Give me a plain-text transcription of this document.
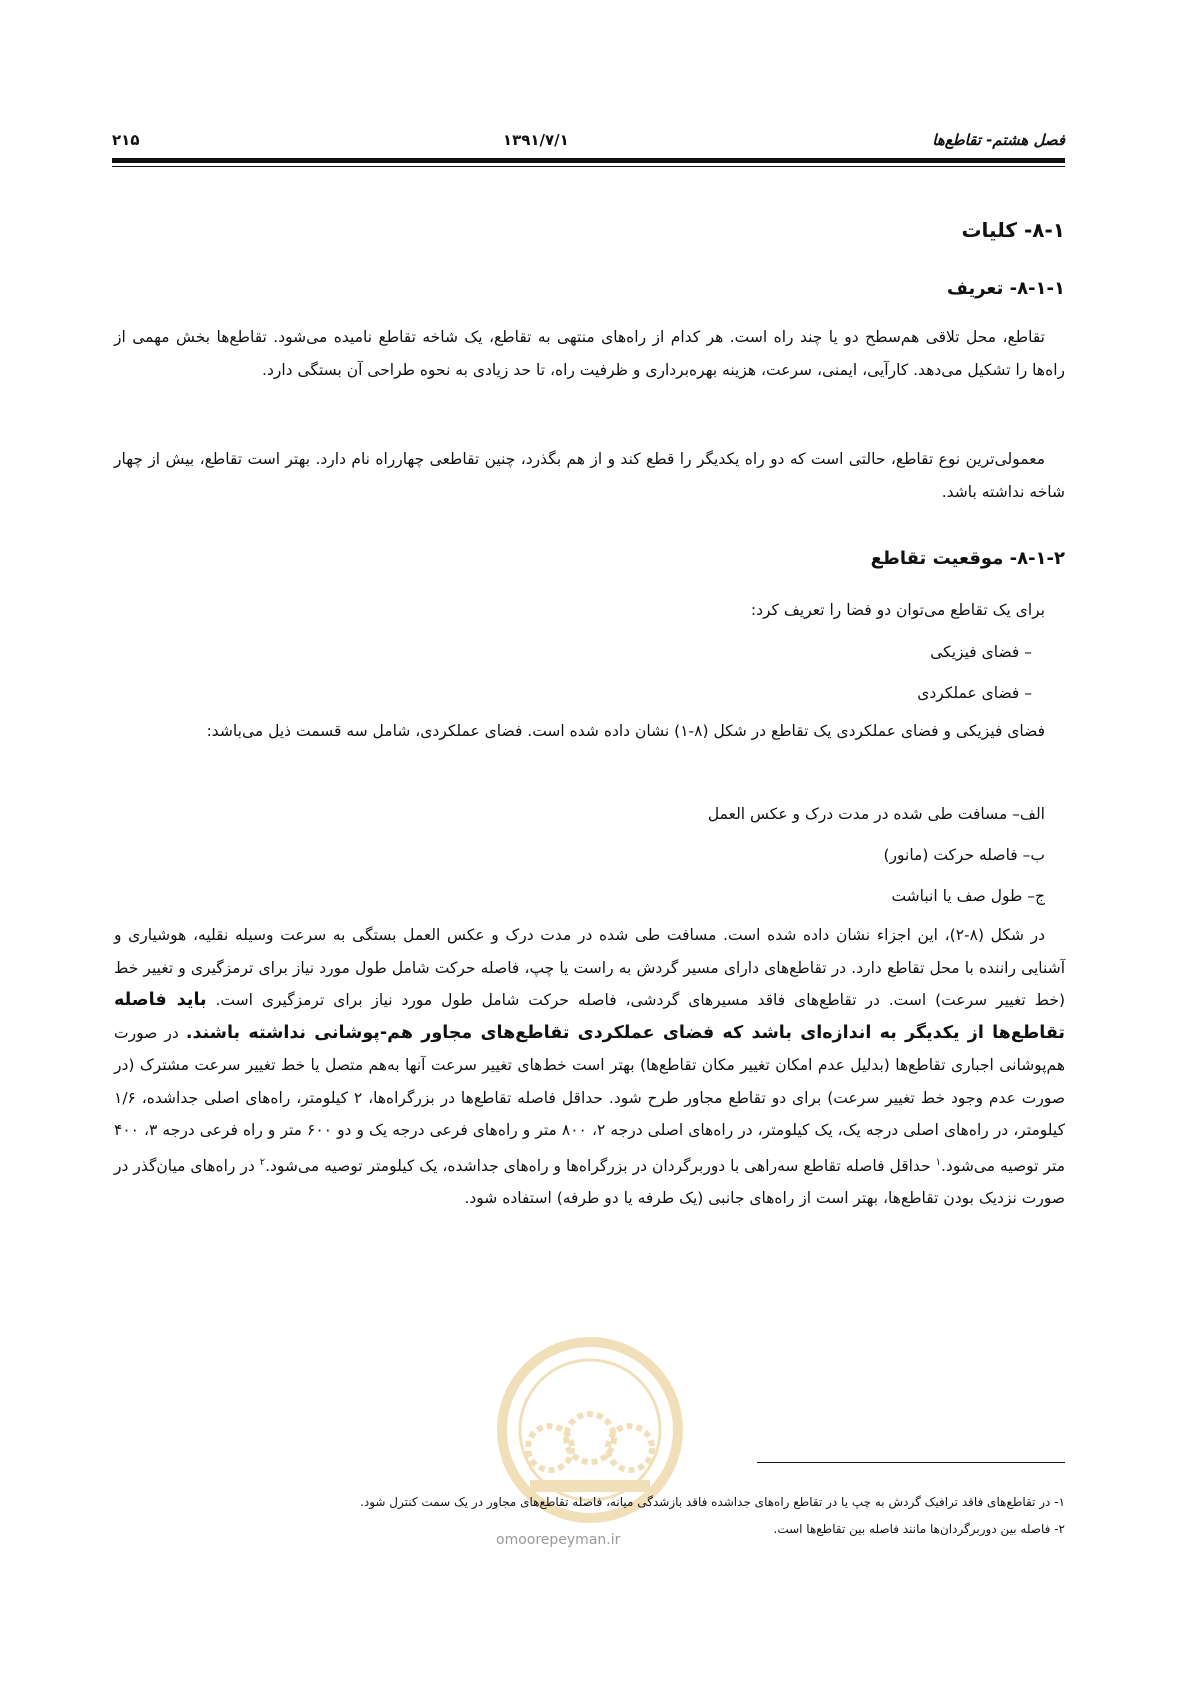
فصل هشتم- تقاطع‌ها
۱۳۹۱/۷/۱
۲۱۵
۸-۱- کلیات
۸-۱-۱- تعریف
تقاطع، محل تلاقی هم‌سطح دو یا چند راه است. هر کدام از راه‌های منتهی به تقاطع، یک شاخه تقاطع نامیده می‌شود. تقاطع‌ها بخش مهمی از راه‌ها را تشکیل می‌دهد. کارآیی، ایمنی، سرعت، هزینه بهره‌برداری و ظرفیت راه، تا حد زیادی به نحوه طراحی آن بستگی دارد.
معمولی‌ترین نوع تقاطع، حالتی است که دو راه یکدیگر را قطع کند و از هم بگذرد، چنین تقاطعی چهارراه نام دارد. بهتر است تقاطع، بیش از چهار شاخه نداشته باشد.
۸-۱-۲- موقعیت تقاطع
برای یک تقاطع می‌توان دو فضا را تعریف کرد:
– فضای فیزیکی
– فضای عملکردی
فضای فیزیکی و فضای عملکردی یک تقاطع در شکل (۸-۱) نشان داده شده است. فضای عملکردی، شامل سه قسمت ذیل می‌باشد:
الف– مسافت طی شده در مدت درک و عکس العمل
ب– فاصله حرکت (مانور)
ج– طول صف یا انباشت
در شکل (۸-۲)، این اجزاء نشان داده شده است. مسافت طی شده در مدت درک و عکس العمل بستگی به سرعت وسیله نقلیه، هوشیاری و آشنایی راننده با محل تقاطع دارد. در تقاطع‌های دارای مسیر گردش به راست یا چپ، فاصله حرکت شامل طول مورد نیاز برای ترمزگیری و تغییر خط (خط تغییر سرعت) است. در تقاطع‌های فاقد مسیرهای گردشی، فاصله حرکت شامل طول مورد نیاز برای ترمزگیری است. باید فاصله تقاطع‌ها از یکدیگر به اندازه‌ای باشد که فضای عملکردی تقاطع‌های مجاور هم-پوشانی نداشته باشند. در صورت هم‌پوشانی اجباری تقاطع‌ها (بدلیل عدم امکان تغییر مکان تقاطع‌ها) بهتر است خط‌های تغییر سرعت آنها به‌هم متصل یا خط تغییر سرعت مشترک (در صورت عدم وجود خط تغییر سرعت) برای دو تقاطع مجاور طرح شود. حداقل فاصله تقاطع‌ها در بزرگراه‌ها، ۲ کیلومتر، راه‌های اصلی جداشده، ۱/۶ کیلومتر، در راه‌های اصلی درجه یک، یک کیلومتر، در راه‌های اصلی درجه ۲، ۸۰۰ متر و راه‌های فرعی درجه یک و دو ۶۰۰ متر و راه فرعی درجه ۳، ۴۰۰ متر توصیه می‌شود.$^۱$ حداقل فاصله تقاطع سه‌راهی با دوربرگردان در بزرگراه‌ها و راه‌های جداشده، یک کیلومتر توصیه می‌شود.$^۲$ در راه‌های میان‌گذر در صورت نزدیک بودن تقاطع‌ها، بهتر است از راه‌های جانبی (یک طرفه یا دو طرفه) استفاده شود.
omoorepeyman.ir
۱- در تقاطع‌های فاقد ترافیک گردش به چپ یا در تقاطع راه‌های جداشده فاقد بازشدگی میانه، فاصله تقاطع‌های مجاور در یک سمت کنترل شود.
۲- فاصله بین دوربرگردان‌ها مانند فاصله بین تقاطع‌ها است.
